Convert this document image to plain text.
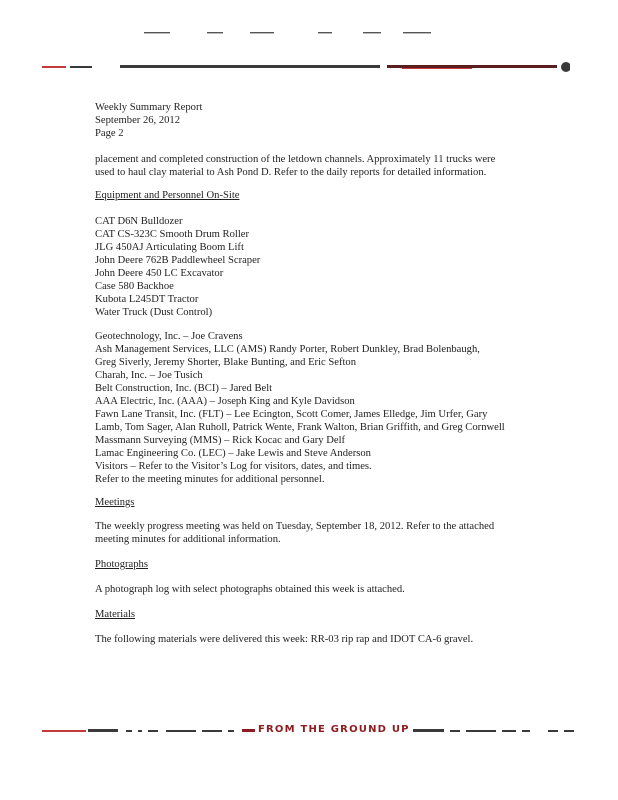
Weekly Summary Report
September 26, 2012
Page 2
placement and completed construction of the letdown channels. Approximately 11 trucks were
used to haul clay material to Ash Pond D. Refer to the daily reports for detailed information.
Equipment and Personnel On-Site
CAT D6N Bulldozer
CAT CS-323C Smooth Drum Roller
JLG 450AJ Articulating Boom Lift
John Deere 762B Paddlewheel Scraper
John Deere 450 LC Excavator
Case 580 Backhoe
Kubota L245DT Tractor
Water Truck (Dust Control)
Geotechnology, Inc. – Joe Cravens
Ash Management Services, LLC (AMS) Randy Porter, Robert Dunkley, Brad Bolenbaugh,
Greg Siverly, Jeremy Shorter, Blake Bunting, and Eric Sefton
Charah, Inc. – Joe Tusich
Belt Construction, Inc. (BCI) – Jared Belt
AAA Electric, Inc. (AAA) – Joseph King and Kyle Davidson
Fawn Lane Transit, Inc. (FLT) – Lee Ecington, Scott Comer, James Elledge, Jim Urfer, Gary
Lamb, Tom Sager, Alan Ruholl, Patrick Wente, Frank Walton, Brian Griffith, and Greg Cornwell
Massmann Surveying (MMS) – Rick Kocac and Gary Delf
Lamac Engineering Co. (LEC) – Jake Lewis and Steve Anderson
Visitors – Refer to the Visitor’s Log for visitors, dates, and times.
Refer to the meeting minutes for additional personnel.
Meetings
The weekly progress meeting was held on Tuesday, September 18, 2012. Refer to the attached
meeting minutes for additional information.
Photographs
A photograph log with select photographs obtained this week is attached.
Materials
The following materials were delivered this week: RR-03 rip rap and IDOT CA-6 gravel.
FROM THE GROUND UP
